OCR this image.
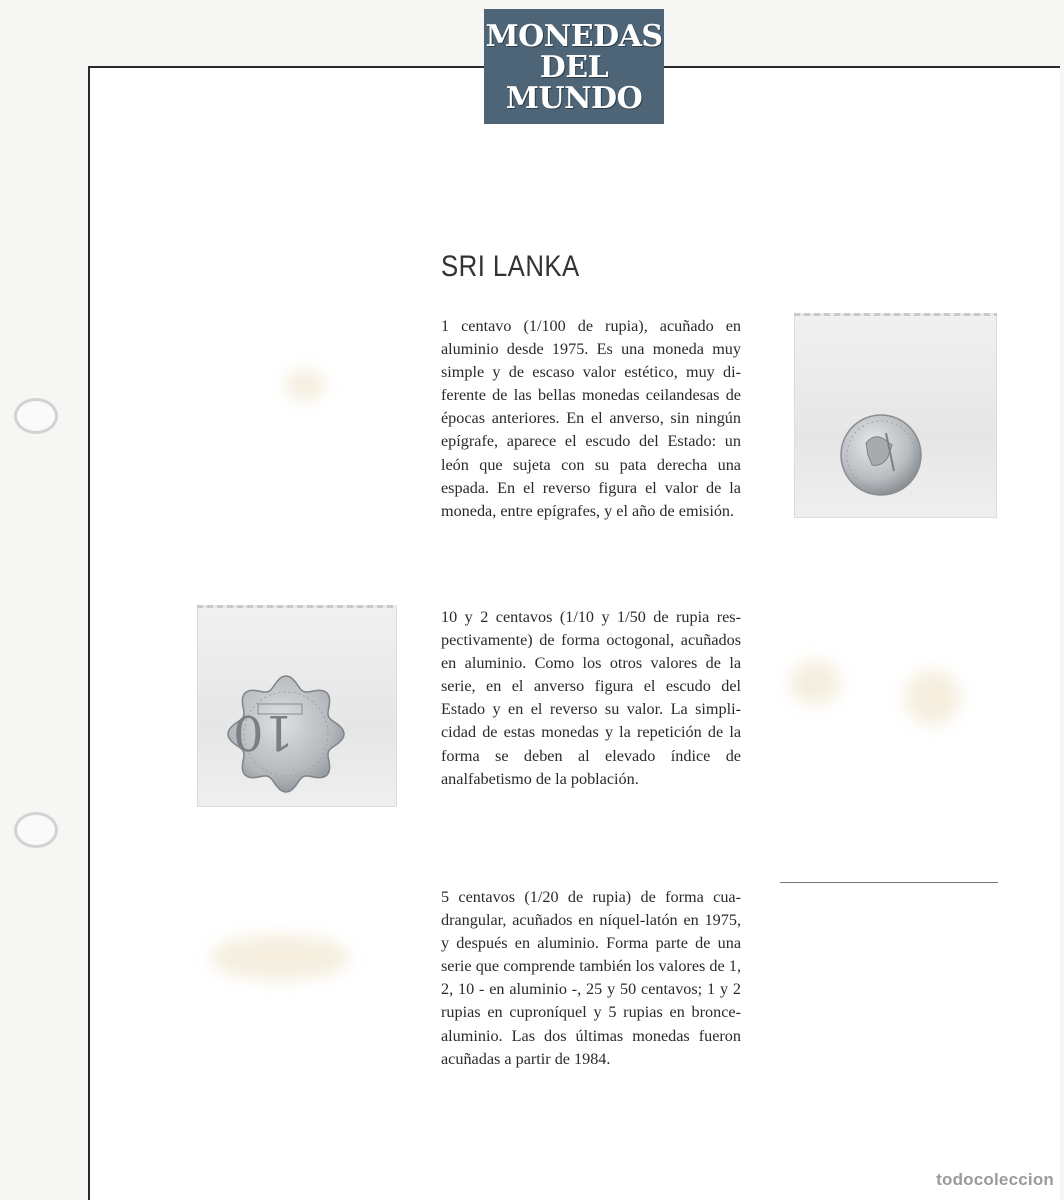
MONEDAS
DEL
MUNDO
SRI LANKA
1 centavo (1/100 de rupia), acuñado en aluminio desde 1975. Es una moneda muy simple y de escaso valor estético, muy diferente de las bellas monedas ceilandesas de épocas anteriores. En el anverso, sin ningún epígrafe, aparece el escudo del Estado: un león que sujeta con su pata derecha una espada. En el reverso figura el valor de la moneda, entre epígrafes, y el año de emisión.
10 y 2 centavos (1/10 y 1/50 de rupia respectivamente) de forma octogonal, acuñados en aluminio. Como los otros valores de la serie, en el anverso figura el escudo del Estado y en el reverso su valor. La simplicidad de estas monedas y la repetición de la forma se deben al elevado índice de analfabetismo de la población.
5 centavos (1/20 de rupia) de forma cuadrangular, acuñados en níquel-latón en 1975, y después en aluminio. Forma parte de una serie que comprende también los valores de 1, 2, 10 - en aluminio -, 25 y 50 centavos; 1 y 2 rupias en cuproníquel y 5 rupias en bronce-aluminio. Las dos últimas monedas fueron acuñadas a partir de 1984.
10
todocoleccion
